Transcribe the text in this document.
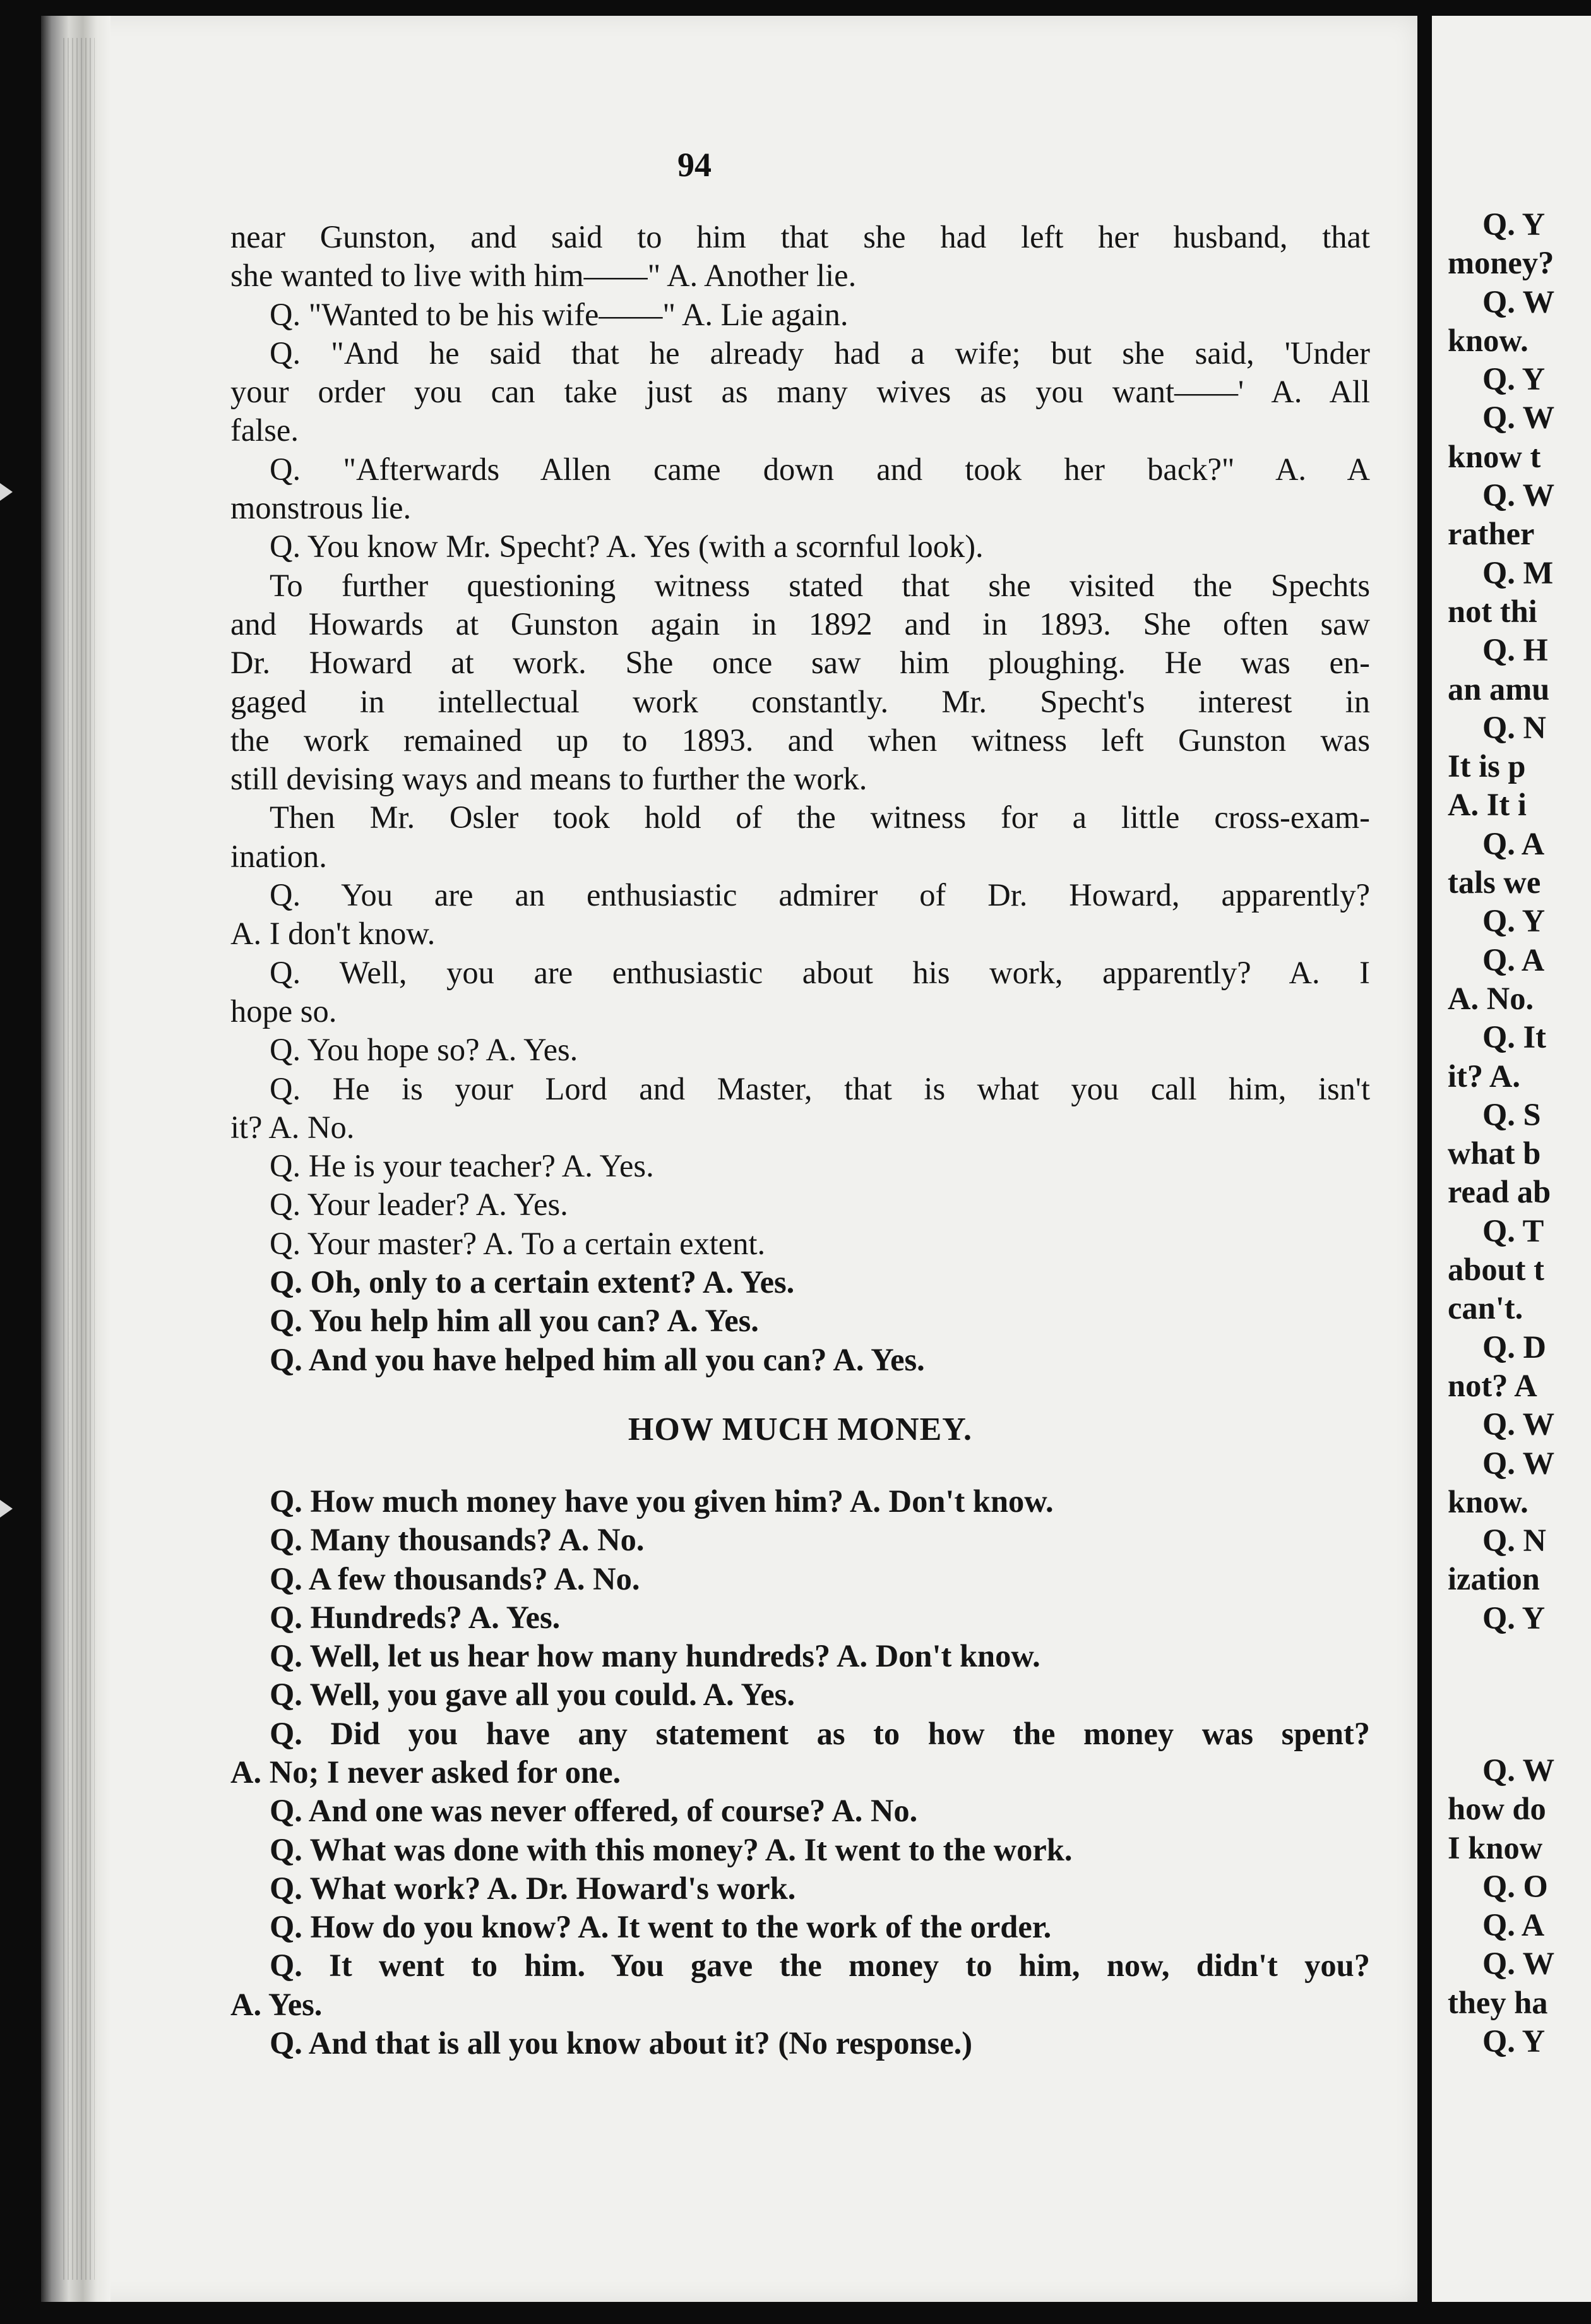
94
near Gunston, and said to him that she had left her husband, that
she wanted to live with him——" A. Another lie.
Q. "Wanted to be his wife——" A. Lie again.
Q. "And he said that he already had a wife; but she said, 'Under
your order you can take just as many wives as you want——' A. All
false.
Q. "Afterwards Allen came down and took her back?" A. A
monstrous lie.
Q. You know Mr. Specht? A. Yes (with a scornful look).
To further questioning witness stated that she visited the Spechts
and Howards at Gunston again in 1892 and in 1893. She often saw
Dr. Howard at work. She once saw him ploughing. He was en-
gaged in intellectual work constantly. Mr. Specht's interest in
the work remained up to 1893. and when witness left Gunston was
still devising ways and means to further the work.
Then Mr. Osler took hold of the witness for a little cross-exam-
ination.
Q. You are an enthusiastic admirer of Dr. Howard, apparently?
A. I don't know.
Q. Well, you are enthusiastic about his work, apparently? A. I
hope so.
Q. You hope so? A. Yes.
Q. He is your Lord and Master, that is what you call him, isn't
it? A. No.
Q. He is your teacher? A. Yes.
Q. Your leader? A. Yes.
Q. Your master? A. To a certain extent.
Q. Oh, only to a certain extent? A. Yes.
Q. You help him all you can? A. Yes.
Q. And you have helped him all you can? A. Yes.
HOW MUCH MONEY.
Q. How much money have you given him? A. Don't know.
Q. Many thousands? A. No.
Q. A few thousands? A. No.
Q. Hundreds? A. Yes.
Q. Well, let us hear how many hundreds? A. Don't know.
Q. Well, you gave all you could. A. Yes.
Q. Did you have any statement as to how the money was spent?
A. No; I never asked for one.
Q. And one was never offered, of course? A. No.
Q. What was done with this money? A. It went to the work.
Q. What work? A. Dr. Howard's work.
Q. How do you know? A. It went to the work of the order.
Q. It went to him. You gave the money to him, now, didn't you?
A. Yes.
Q. And that is all you know about it? (No response.)
Q. Y
money?
Q. W
know.
Q. Y
Q. W
know t
Q. W
rather
Q. M
not thi
Q. H
an amu
Q. N
It is p
A. It i
Q. A
tals we
Q. Y
Q. A
A. No.
Q. It
it? A.
Q. S
what b
read ab
Q. T
about t
can't.
Q. D
not? A
Q. W
Q. W
know.
Q. N
ization
Q. Y
Q. W
how do
I know
Q. O
Q. A
Q. W
they ha
Q. Y
